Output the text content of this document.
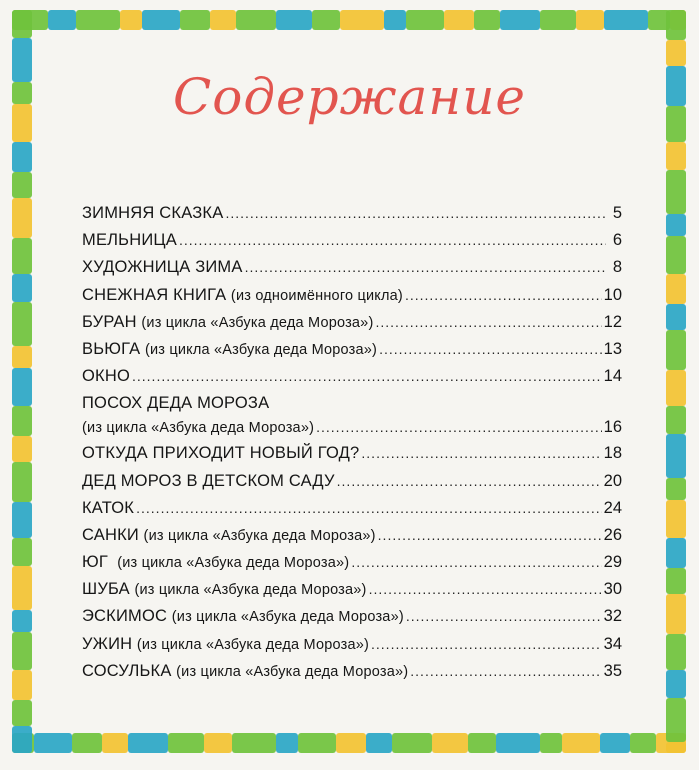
Содержание
ЗИМНЯЯ СКАЗКА .....	5
МЕЛЬНИЦА .....	6
ХУДОЖНИЦА ЗИМА .....	8
СНЕЖНАЯ КНИГА
(из одноимённого цикла) .....	10
БУРАН
(из цикла «Азбука деда Мороза») .....	12
ВЬЮГА
(из цикла «Азбука деда Мороза») .....	13
ОКНО .....	14
ПОСОХ ДЕДА МОРОЗА
(из цикла «Азбука деда Мороза») .....	16
ОТКУДА ПРИХОДИТ НОВЫЙ ГОД? .....	18
ДЕД МОРОЗ В ДЕТСКОМ САДУ .....	20
КАТОК .....	24
САНКИ
(из цикла «Азбука деда Мороза») .....	26
ЮГ
(из цикла «Азбука деда Мороза») .....	29
ШУБА
(из цикла «Азбука деда Мороза») .....	30
ЭСКИМОС
(из цикла «Азбука деда Мороза») .....	32
УЖИН
(из цикла «Азбука деда Мороза») .....	34
СОСУЛЬКА
(из цикла «Азбука деда Мороза») .....	35
